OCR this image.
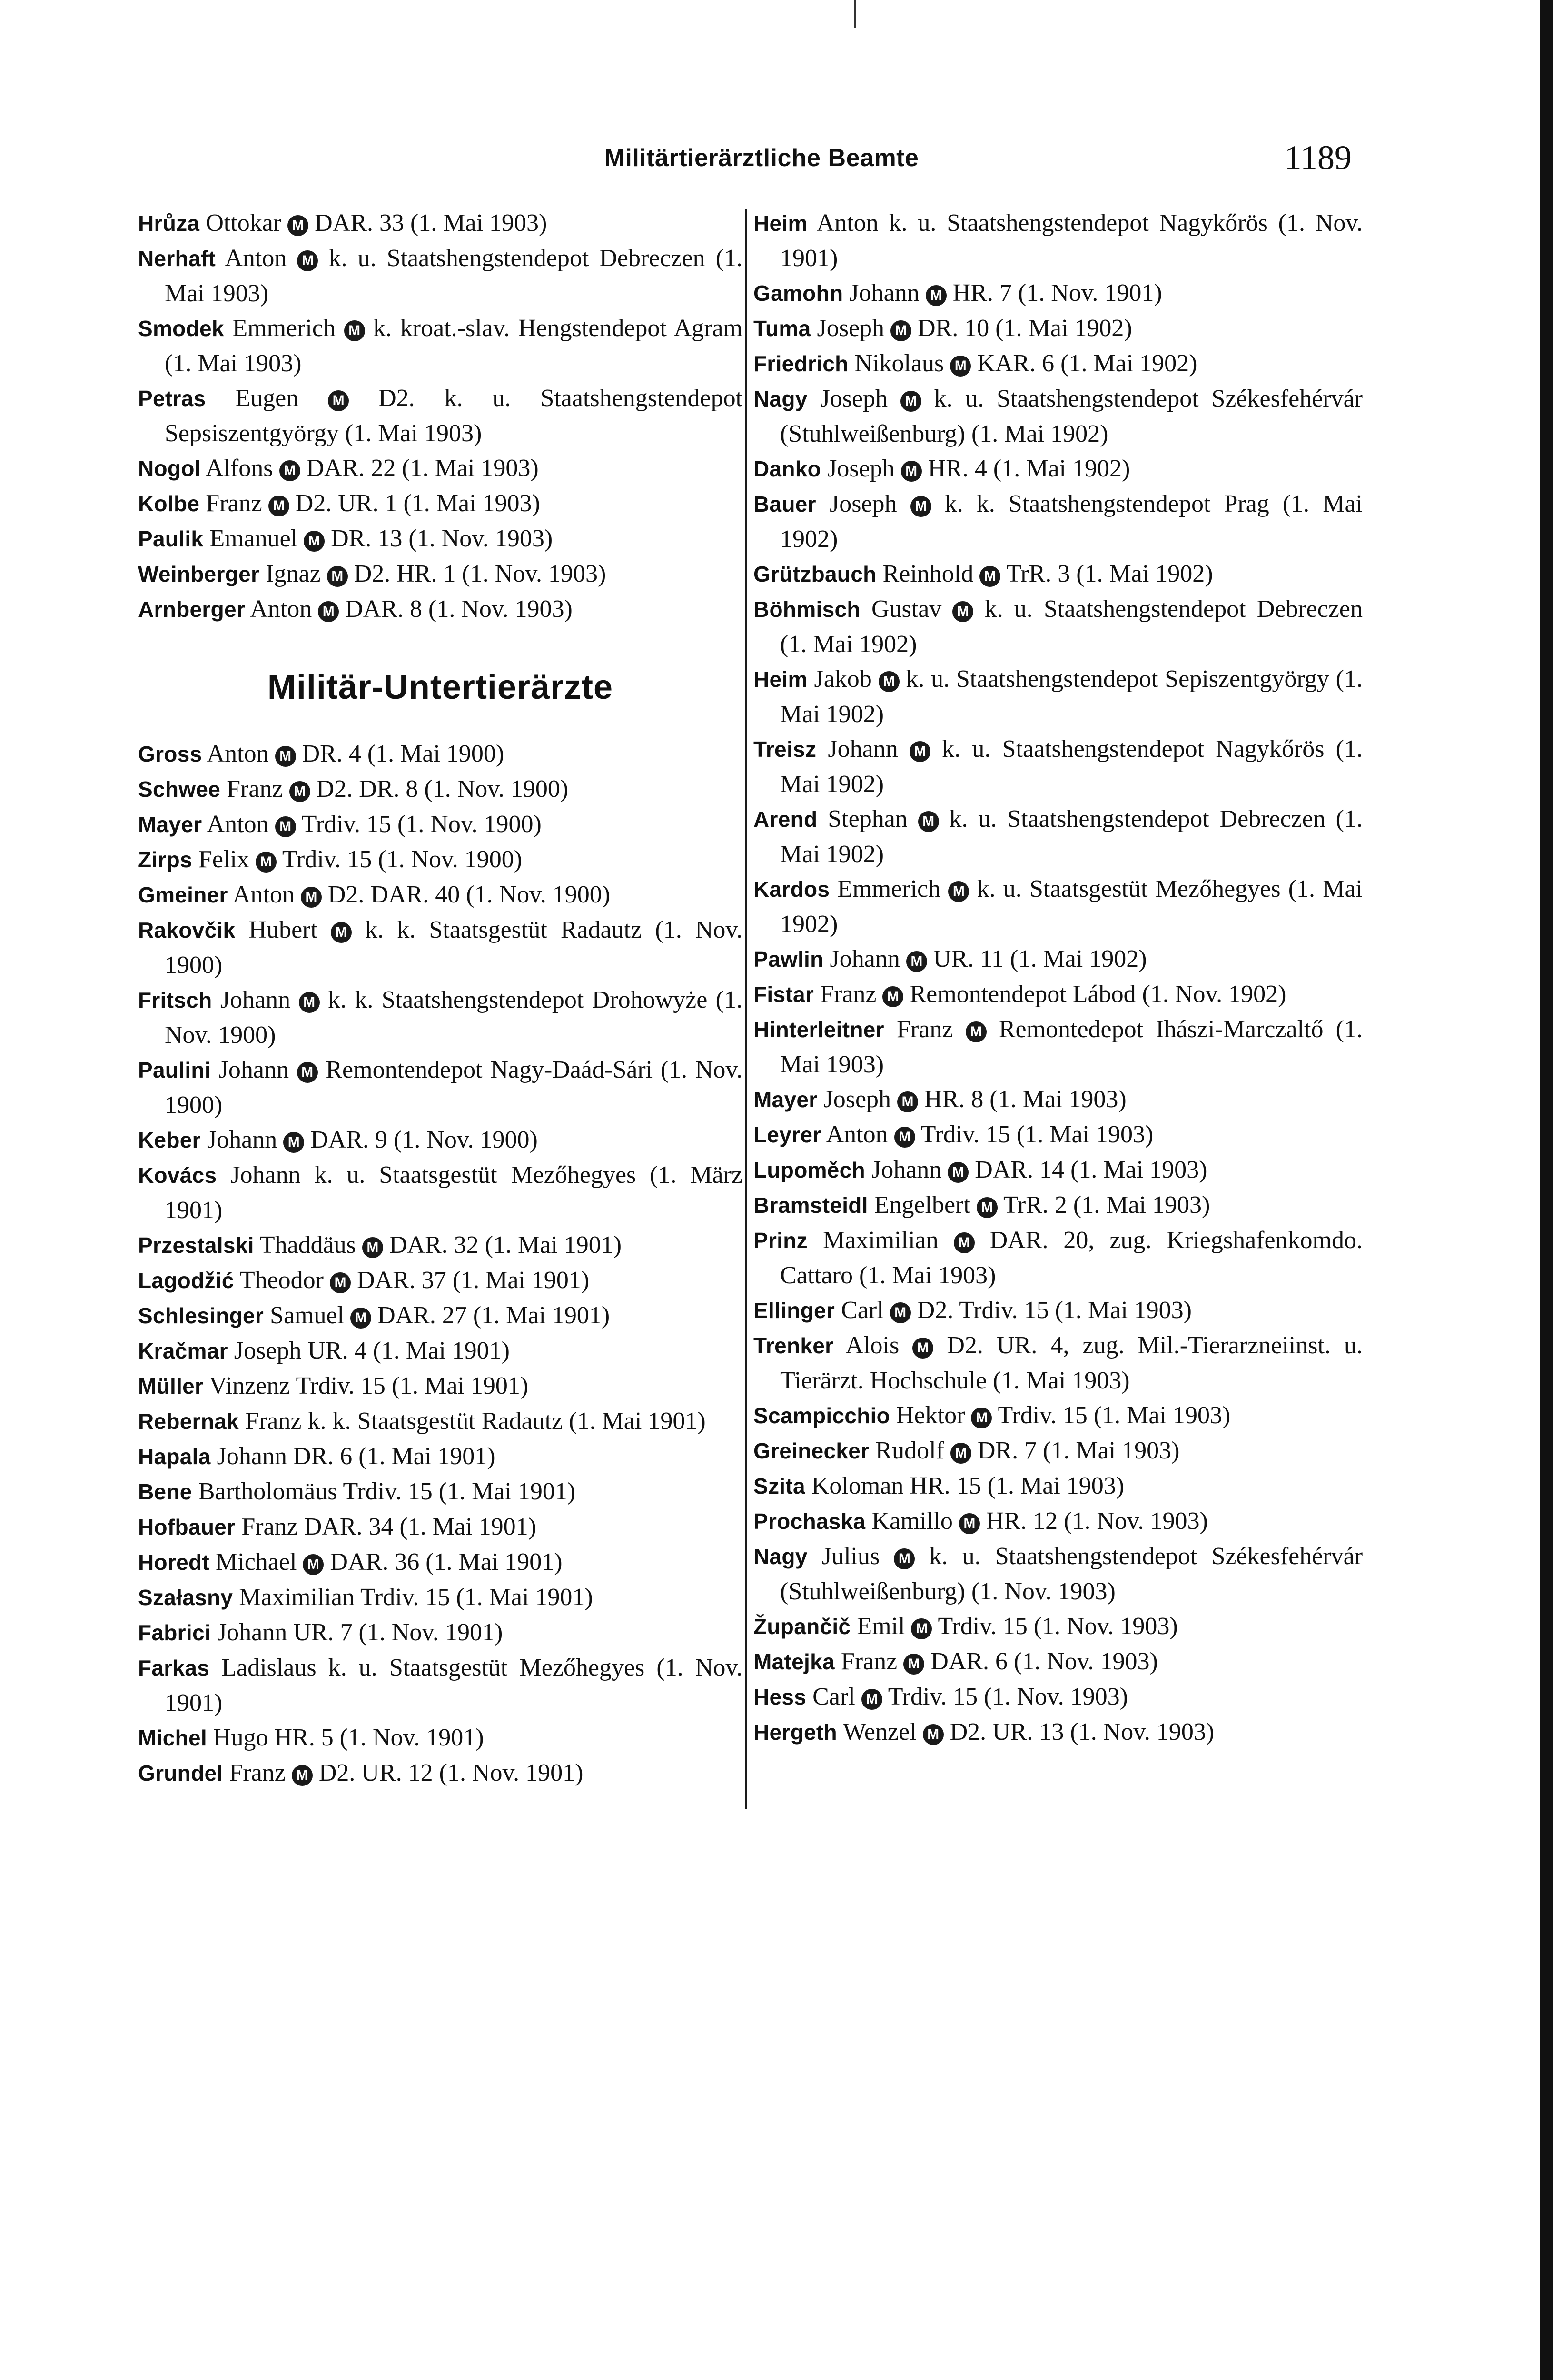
Militärtierärztliche Beamte	1189

Hrůza Ottokar M DAR. 33 (1. Mai 1903)

Nerhaft Anton M k. u. Staatshengstendepot Debreczen (1. Mai 1903)

Smodek Emmerich M k. kroat.-slav. Hengstendepot Agram (1. Mai 1903)

Petras Eugen M D2. k. u. Staatshengstendepot Sepsiszentgyörgy (1. Mai 1903)

Nogol Alfons M DAR. 22 (1. Mai 1903)

Kolbe Franz M D2. UR. 1 (1. Mai 1903)

Paulik Emanuel M DR. 13 (1. Nov. 1903)

Weinberger Ignaz M D2. HR. 1 (1. Nov. 1903)

Arnberger Anton M DAR. 8 (1. Nov. 1903)

Militär-Untertierärzte

Gross Anton M DR. 4 (1. Mai 1900)

Schwee Franz M D2. DR. 8 (1. Nov. 1900)

Mayer Anton M Trdiv. 15 (1. Nov. 1900)

Zirps Felix M Trdiv. 15 (1. Nov. 1900)

Gmeiner Anton M D2. DAR. 40 (1. Nov. 1900)

Rakovčik Hubert M k. k. Staatsgestüt Radautz (1. Nov. 1900)

Fritsch Johann M k. k. Staatshengstendepot Drohowyże (1. Nov. 1900)

Paulini Johann M Remontendepot Nagy-Daád-Sári (1. Nov. 1900)

Keber Johann M DAR. 9 (1. Nov. 1900)

Kovács Johann k. u. Staatsgestüt Mezőhegyes (1. März 1901)

Przestalski Thaddäus M DAR. 32 (1. Mai 1901)

Lagodžić Theodor M DAR. 37 (1. Mai 1901)

Schlesinger Samuel M DAR. 27 (1. Mai 1901)

Kračmar Joseph UR. 4 (1. Mai 1901)

Müller Vinzenz Trdiv. 15 (1. Mai 1901)

Rebernak Franz k. k. Staatsgestüt Radautz (1. Mai 1901)

Hapala Johann DR. 6 (1. Mai 1901)

Bene Bartholomäus Trdiv. 15 (1. Mai 1901)

Hofbauer Franz DAR. 34 (1. Mai 1901)

Horedt Michael M DAR. 36 (1. Mai 1901)

Szałasny Maximilian Trdiv. 15 (1. Mai 1901)

Fabrici Johann UR. 7 (1. Nov. 1901)

Farkas Ladislaus k. u. Staatsgestüt Mezőhegyes (1. Nov. 1901)

Michel Hugo HR. 5 (1. Nov. 1901)

Grundel Franz M D2. UR. 12 (1. Nov. 1901)

Heim Anton k. u. Staatshengstendepot Nagykőrös (1. Nov. 1901)

Gamohn Johann M HR. 7 (1. Nov. 1901)

Tuma Joseph M DR. 10 (1. Mai 1902)

Friedrich Nikolaus M KAR. 6 (1. Mai 1902)

Nagy Joseph M k. u. Staatshengstendepot Székesfehérvár (Stuhlweißenburg) (1. Mai 1902)

Danko Joseph M HR. 4 (1. Mai 1902)

Bauer Joseph M k. k. Staatshengstendepot Prag (1. Mai 1902)

Grützbauch Reinhold M TrR. 3 (1. Mai 1902)

Böhmisch Gustav M k. u. Staatshengstendepot Debreczen (1. Mai 1902)

Heim Jakob M k. u. Staatshengstendepot Sepiszentgyörgy (1. Mai 1902)

Treisz Johann M k. u. Staatshengstendepot Nagykőrös (1. Mai 1902)

Arend Stephan M k. u. Staatshengstendepot Debreczen (1. Mai 1902)

Kardos Emmerich M k. u. Staatsgestüt Mezőhegyes (1. Mai 1902)

Pawlin Johann M UR. 11 (1. Mai 1902)

Fistar Franz M Remontendepot Lábod (1. Nov. 1902)

Hinterleitner Franz M Remontedepot Ihászi-Marczaltő (1. Mai 1903)

Mayer Joseph M HR. 8 (1. Mai 1903)

Leyrer Anton M Trdiv. 15 (1. Mai 1903)

Lupoměch Johann M DAR. 14 (1. Mai 1903)

Bramsteidl Engelbert M TrR. 2 (1. Mai 1903)

Prinz Maximilian M DAR. 20, zug. Kriegshafenkomdo. Cattaro (1. Mai 1903)

Ellinger Carl M D2. Trdiv. 15 (1. Mai 1903)

Trenker Alois M D2. UR. 4, zug. Mil.-Tierarzneiinst. u. Tierärzt. Hochschule (1. Mai 1903)

Scampicchio Hektor M Trdiv. 15 (1. Mai 1903)

Greinecker Rudolf M DR. 7 (1. Mai 1903)

Szita Koloman HR. 15 (1. Mai 1903)

Prochaska Kamillo M HR. 12 (1. Nov. 1903)

Nagy Julius M k. u. Staatshengstendepot Székesfehérvár (Stuhlweißenburg) (1. Nov. 1903)

Župančič Emil M Trdiv. 15 (1. Nov. 1903)

Matejka Franz M DAR. 6 (1. Nov. 1903)

Hess Carl M Trdiv. 15 (1. Nov. 1903)

Hergeth Wenzel M D2. UR. 13 (1. Nov. 1903)
